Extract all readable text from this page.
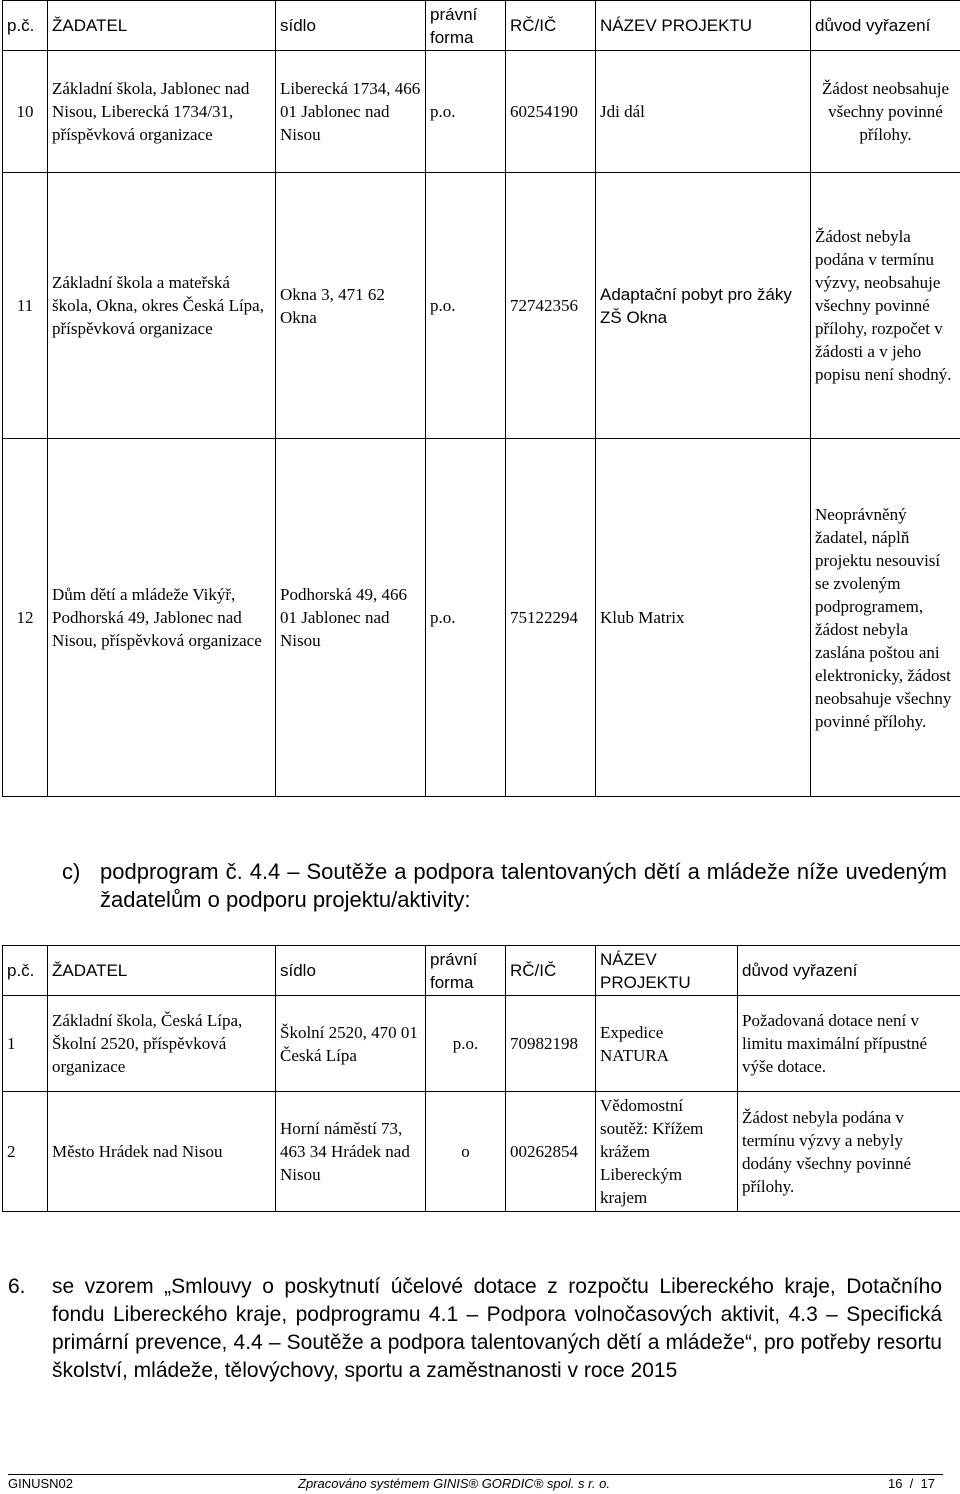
p.č.	ŽADATEL	sídlo	právní forma	RČ/IČ	NÁZEV PROJEKTU	důvod vyřazení
10	Základní škola, Jablonec nad Nisou, Liberecká 1734/31, příspěvková organizace	Liberecká 1734, 466 01 Jablonec nad Nisou	p.o.	60254190	Jdi dál	Žádost neobsahuje všechny povinné přílohy.
11	Základní škola a mateřská škola, Okna, okres Česká Lípa, příspěvková organizace	Okna 3, 471 62 Okna	p.o.	72742356	Adaptační pobyt pro žáky ZŠ Okna	Žádost nebyla podána v termínu výzvy, neobsahuje všechny povinné přílohy, rozpočet v žádosti a v jeho popisu není shodný.
12	Dům dětí a mládeže Vikýř, Podhorská 49, Jablonec nad Nisou, příspěvková organizace	Podhorská 49, 466 01 Jablonec nad Nisou	p.o.	75122294	Klub Matrix	Neoprávněný žadatel, náplň projektu nesouvisí se zvoleným podprogramem, žádost nebyla zaslána poštou ani elektronicky, žádost neobsahuje všechny povinné přílohy.
c) podprogram č. 4.4 – Soutěže a podpora talentovaných dětí a mládeže níže uvedeným žadatelům o podporu projektu/aktivity:
p.č.	ŽADATEL	sídlo	právní forma	RČ/IČ	NÁZEV PROJEKTU	důvod vyřazení
1	Základní škola, Česká Lípa, Školní 2520, příspěvková organizace	Školní 2520, 470 01 Česká Lípa	p.o.	70982198	Expedice NATURA	Požadovaná dotace není v limitu maximální přípustné výše dotace.
2	Město Hrádek nad Nisou	Horní náměstí 73, 463 34 Hrádek nad Nisou	o	00262854	Vědomostní soutěž: Křížem krážem Libereckým krajem	Žádost nebyla podána v termínu výzvy a nebyly dodány všechny povinné přílohy.
6. se vzorem „Smlouvy o poskytnutí účelové dotace z rozpočtu Libereckého kraje, Dotačního fondu Libereckého kraje, podprogramu 4.1 – Podpora volnočasových aktivit, 4.3 – Specifická primární prevence, 4.4 – Soutěže a podpora talentovaných dětí a mládeže“, pro potřeby resortu školství, mládeže, tělovýchovy, sportu a zaměstnanosti v roce 2015
GINUSN02	Zpracováno systémem GINIS® GORDIC® spol. s r. o.	16 / 17
